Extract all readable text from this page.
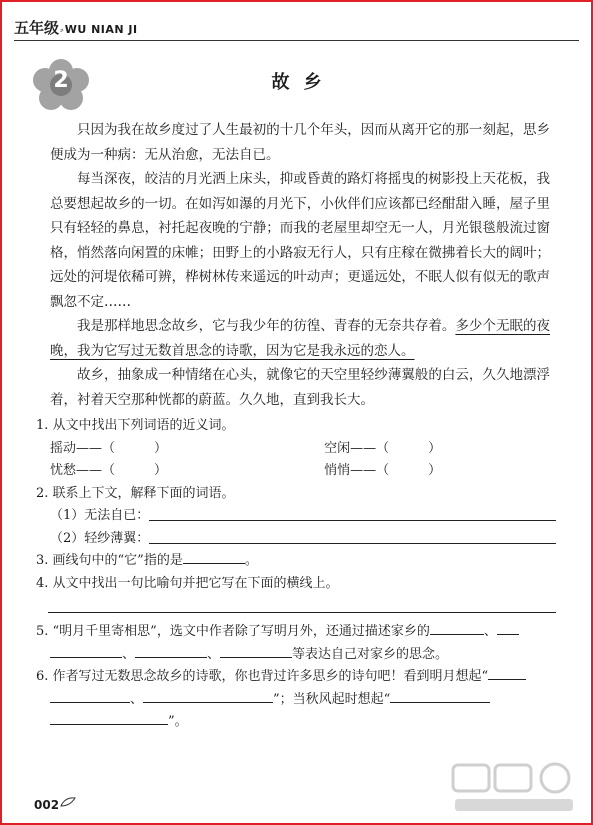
五年级 ⸗ WU NIAN JI
2	故乡

只因为我在故乡度过了人生最初的十几个年头，因而从离开它的那一刻起，思乡便成为一种病：无从治愈，无法自已。

每当深夜，皎洁的月光洒上床头，抑或昏黄的路灯将摇曳的树影投上天花板，我总要想起故乡的一切。在如泻如瀑的月光下，小伙伴们应该都已经酣甜入睡，屋子里只有轻轻的鼻息，衬托起夜晚的宁静；而我的老屋里却空无一人，月光银毯般流过窗格，悄然落向闲置的床帷；田野上的小路寂无行人，只有庄稼在微拂着长大的阔叶；远处的河堤依稀可辨，桦树林传来遥远的叶动声；更遥远处，不眠人似有似无的歌声飘忽不定……

我是那样地思念故乡，它与我少年的彷徨、青春的无奈共存着。多少个无眠的夜晚，我为它写过无数首思念的诗歌，因为它是我永远的恋人。

故乡，抽象成一种情绪在心头，就像它的天空里轻纱薄翼般的白云，久久地漂浮着，衬着天空那种恍都的蔚蓝。久久地，直到我长大。

1. 从文中找出下列词语的近义词。
摇动——（　　　）	空闲——（　　　）
忧愁——（　　　）	悄悄——（　　　）
2. 联系上下文，解释下面的词语。
（1）无法自已：
（2）轻纱薄翼：
3. 画线句中的“它”指的是	。
4. 从文中找出一句比喻句并把它写在下面的横线上。
5. “明月千里寄相思”，选文中作者除了写明月外，还通过描述家乡的	、
、	、	等表达自己对家乡的思念。
6. 作者写过无数思念故乡的诗歌，你也背过许多思乡的诗句吧！看到明月想起“
、	”；当秋风起时想起“
”。
002
